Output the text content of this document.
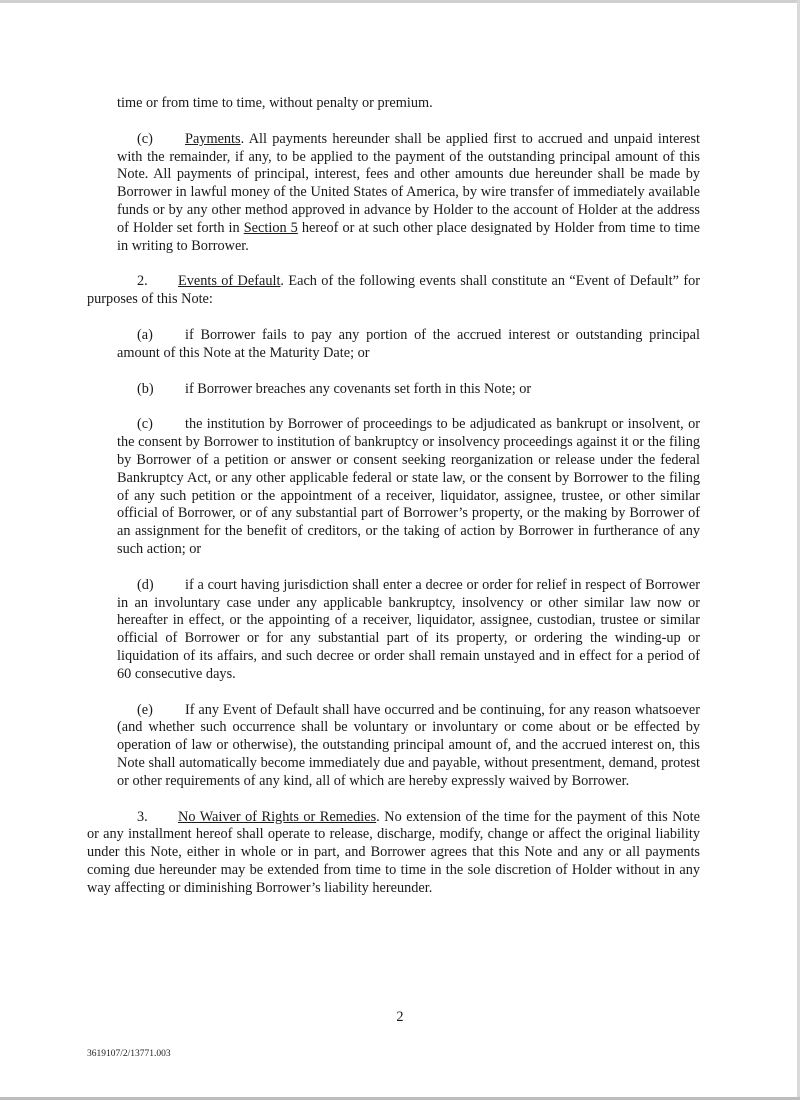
time or from time to time, without penalty or premium.

(c) Payments. All payments hereunder shall be applied first to accrued and unpaid interest with the remainder, if any, to be applied to the payment of the outstanding principal amount of this Note. All payments of principal, interest, fees and other amounts due hereunder shall be made by Borrower in lawful money of the United States of America, by wire transfer of immediately available funds or by any other method approved in advance by Holder to the account of Holder at the address of Holder set forth in Section 5 hereof or at such other place designated by Holder from time to time in writing to Borrower.

2. Events of Default. Each of the following events shall constitute an “Event of Default” for purposes of this Note:

(a) if Borrower fails to pay any portion of the accrued interest or outstanding principal amount of this Note at the Maturity Date; or

(b) if Borrower breaches any covenants set forth in this Note; or

(c) the institution by Borrower of proceedings to be adjudicated as bankrupt or insolvent, or the consent by Borrower to institution of bankruptcy or insolvency proceedings against it or the filing by Borrower of a petition or answer or consent seeking reorganization or release under the federal Bankruptcy Act, or any other applicable federal or state law, or the consent by Borrower to the filing of any such petition or the appointment of a receiver, liquidator, assignee, trustee, or other similar official of Borrower, or of any substantial part of Borrower’s property, or the making by Borrower of an assignment for the benefit of creditors, or the taking of action by Borrower in furtherance of any such action; or

(d) if a court having jurisdiction shall enter a decree or order for relief in respect of Borrower in an involuntary case under any applicable bankruptcy, insolvency or other similar law now or hereafter in effect, or the appointing of a receiver, liquidator, assignee, custodian, trustee or similar official of Borrower or for any substantial part of its property, or ordering the winding-up or liquidation of its affairs, and such decree or order shall remain unstayed and in effect for a period of 60 consecutive days.

(e) If any Event of Default shall have occurred and be continuing, for any reason whatsoever (and whether such occurrence shall be voluntary or involuntary or come about or be effected by operation of law or otherwise), the outstanding principal amount of, and the accrued interest on, this Note shall automatically become immediately due and payable, without presentment, demand, protest or other requirements of any kind, all of which are hereby expressly waived by Borrower.

3. No Waiver of Rights or Remedies. No extension of the time for the payment of this Note or any installment hereof shall operate to release, discharge, modify, change or affect the original liability under this Note, either in whole or in part, and Borrower agrees that this Note and any or all payments coming due hereunder may be extended from time to time in the sole discretion of Holder without in any way affecting or diminishing Borrower’s liability hereunder.

2
3619107/2/13771.003
